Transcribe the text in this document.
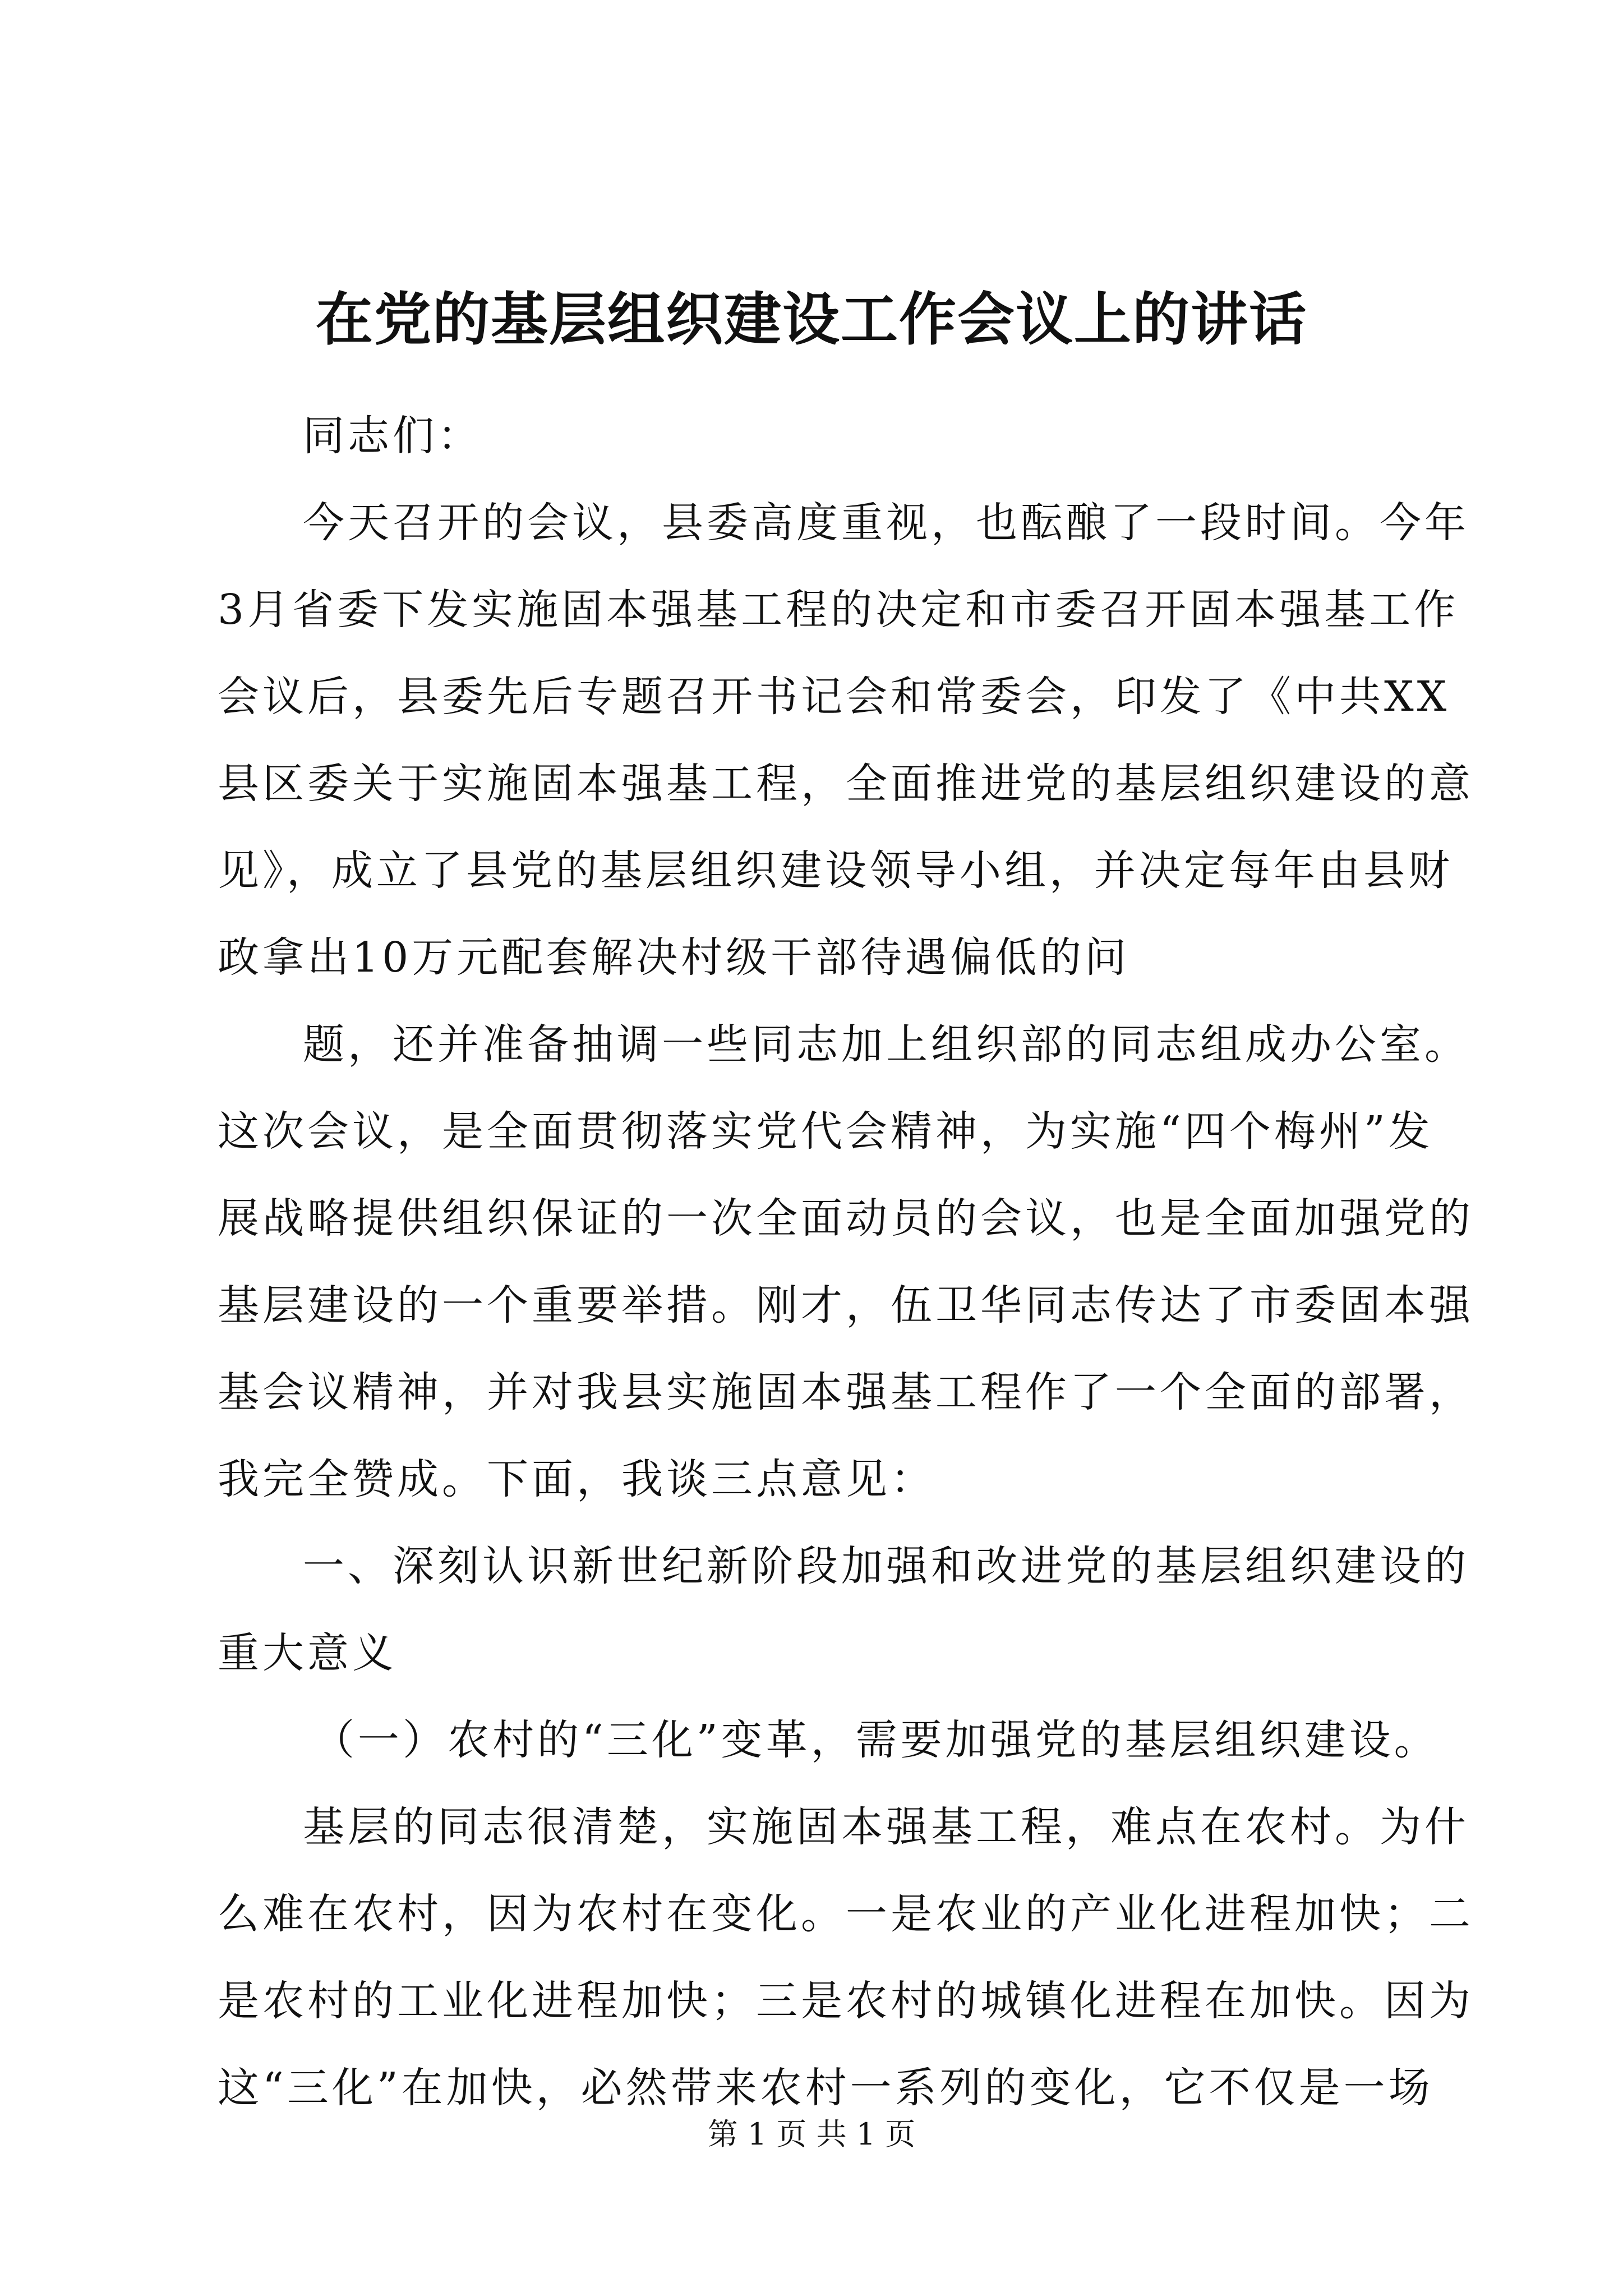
在党的基层组织建设工作会议上的讲话
同志们：
今天召开的会议，县委高度重视，也酝酿了一段时间。今年
3月省委下发实施固本强基工程的决定和市委召开固本强基工作
会议后，县委先后专题召开书记会和常委会，印发了《中共XX
县区委关于实施固本强基工程，全面推进党的基层组织建设的意
见》，成立了县党的基层组织建设领导小组，并决定每年由县财
政拿出10万元配套解决村级干部待遇偏低的问
题，还并准备抽调一些同志加上组织部的同志组成办公室。
这次会议，是全面贯彻落实党代会精神，为实施“四个梅州”发
展战略提供组织保证的一次全面动员的会议，也是全面加强党的
基层建设的一个重要举措。刚才，伍卫华同志传达了市委固本强
基会议精神，并对我县实施固本强基工程作了一个全面的部署，
我完全赞成。下面，我谈三点意见：
一、深刻认识新世纪新阶段加强和改进党的基层组织建设的
重大意义
（一）农村的“三化”变革，需要加强党的基层组织建设。
基层的同志很清楚，实施固本强基工程，难点在农村。为什
么难在农村，因为农村在变化。一是农业的产业化进程加快；二
是农村的工业化进程加快；三是农村的城镇化进程在加快。因为
这“三化”在加快，必然带来农村一系列的变化，它不仅是一场
第 1 页 共 1 页
